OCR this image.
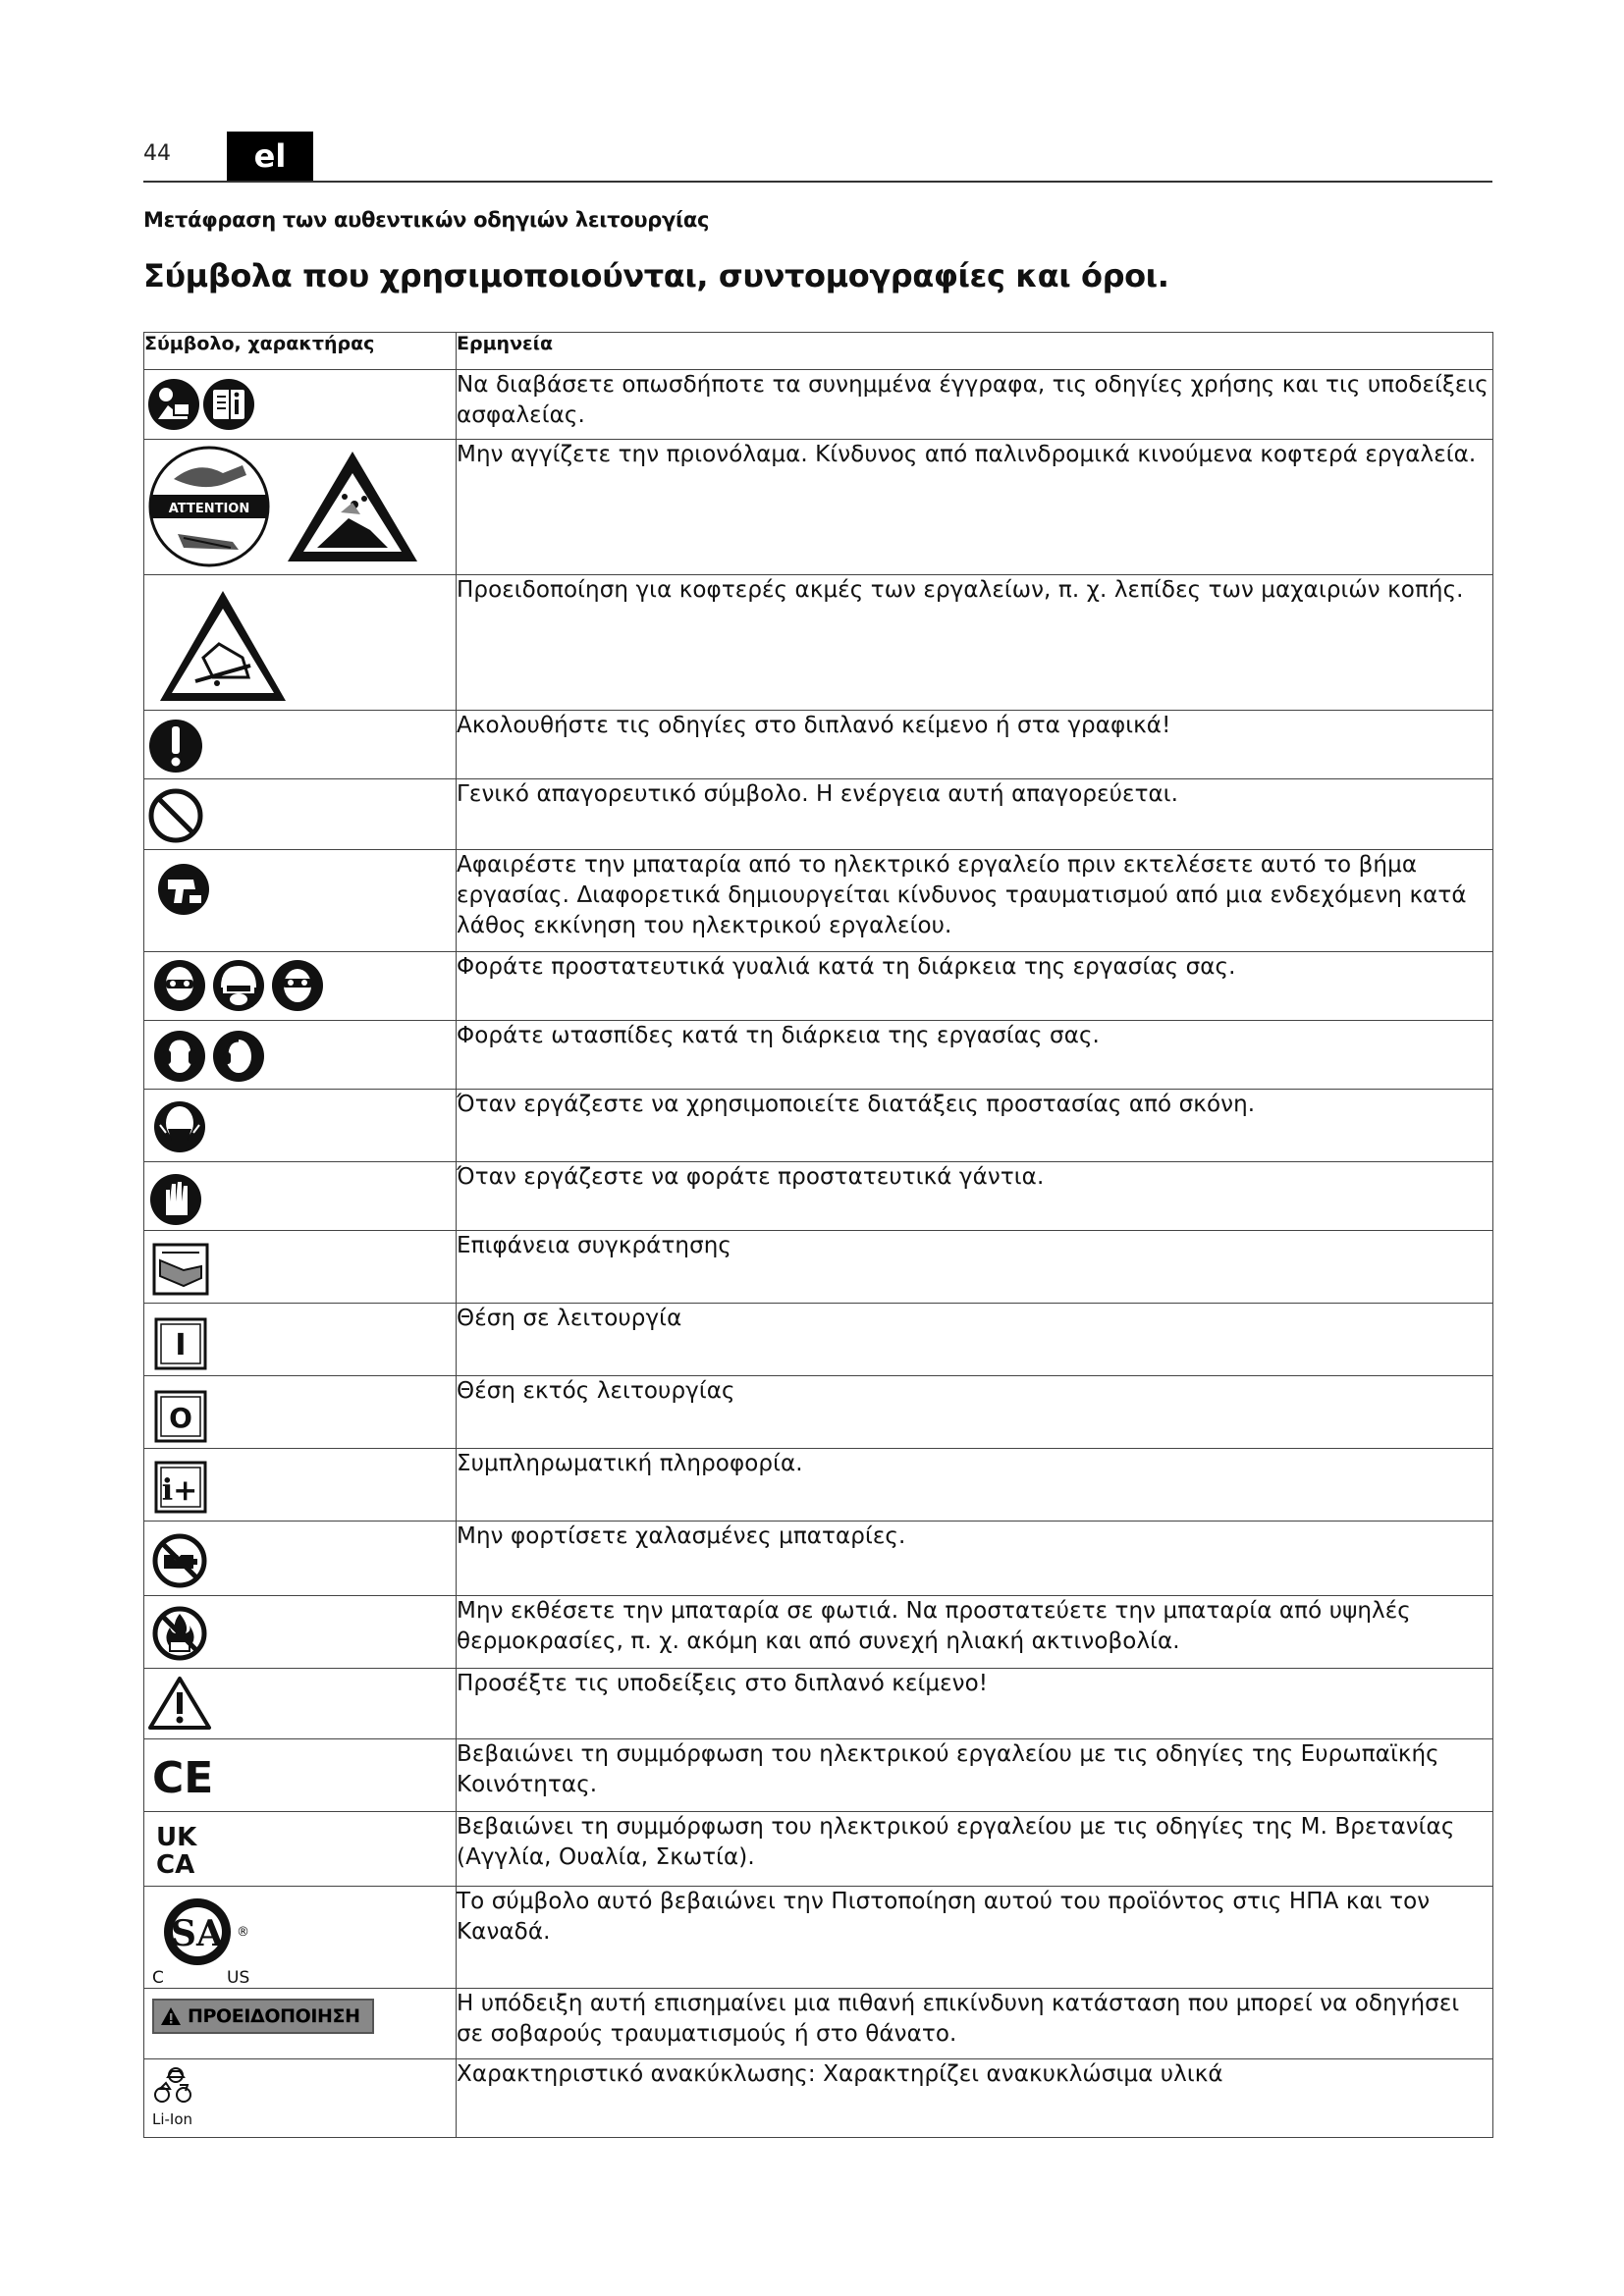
44	el
Μετάφραση των αυθεντικών οδηγιών λειτουργίας
Σύμβολα που χρησιμοποιούνται, συντομογραφίες και όροι.
Σύμβολο, χαρακτήρας	Ερμηνεία

	Να διαβάσετε οπωσδήποτε τα συνημμένα έγγραφα, τις οδηγίες χρήσης και τις υποδείξεις ασφαλείας.

ATTENTION	Μην αγγίζετε την πριονόλαμα. Κίνδυνος από παλινδρομικά κινούμενα κοφτερά εργαλεία.

	Προειδοποίηση για κοφτερές ακμές των εργαλείων, π. χ. λεπίδες των μαχαιριών κοπής.

	Ακολουθήστε τις οδηγίες στο διπλανό κείμενο ή στα γραφικά!

	Γενικό απαγορευτικό σύμβολο. Η ενέργεια αυτή απαγορεύεται.

	Αφαιρέστε την μπαταρία από το ηλεκτρικό εργαλείο πριν εκτελέσετε αυτό το βήμα εργασίας. Διαφορετικά δημιουργείται κίνδυνος τραυματισμού από μια ενδεχόμενη κατά λάθος εκκίνηση του ηλεκτρικού εργαλείου.

	Φοράτε προστατευτικά γυαλιά κατά τη διάρκεια της εργασίας σας.

	Φοράτε ωτασπίδες κατά τη διάρκεια της εργασίας σας.

	Όταν εργάζεστε να χρησιμοποιείτε διατάξεις προστασίας από σκόνη.

	Όταν εργάζεστε να φοράτε προστατευτικά γάντια.

	Επιφάνεια συγκράτησης

I	Θέση σε λειτουργία

O	Θέση εκτός λειτουργίας

i+	Συμπληρωματική πληροφορία.

	Μην φορτίσετε χαλασμένες μπαταρίες.

	Μην εκθέσετε την μπαταρία σε φωτιά. Να προστατεύετε την μπαταρία από υψηλές θερμοκρασίες, π. χ. ακόμη και από συνεχή ηλιακή ακτινοβολία.

	Προσέξτε τις υποδείξεις στο διπλανό κείμενο!

CE	Βεβαιώνει τη συμμόρφωση του ηλεκτρικού εργαλείου με τις οδηγίες της Ευρωπαϊκής Κοινότητας.

UK
CA	Βεβαιώνει τη συμμόρφωση του ηλεκτρικού εργαλείου με τις οδηγίες της Μ. Βρετανίας (Αγγλία, Ουαλία, Σκωτία).

SA ®
C US	Το σύμβολο αυτό βεβαιώνει την Πιστοποίηση αυτού του προϊόντος στις ΗΠΑ και τον Καναδά.

ΠΡΟΕΙΔΟΠΟΙΗΣΗ	Η υπόδειξη αυτή επισημαίνει μια πιθανή επικίνδυνη κατάσταση που μπορεί να οδηγήσει σε σοβαρούς τραυματισμούς ή στο θάνατο.

Li-Ion	Χαρακτηριστικό ανακύκλωσης: Χαρακτηρίζει ανακυκλώσιμα υλικά
